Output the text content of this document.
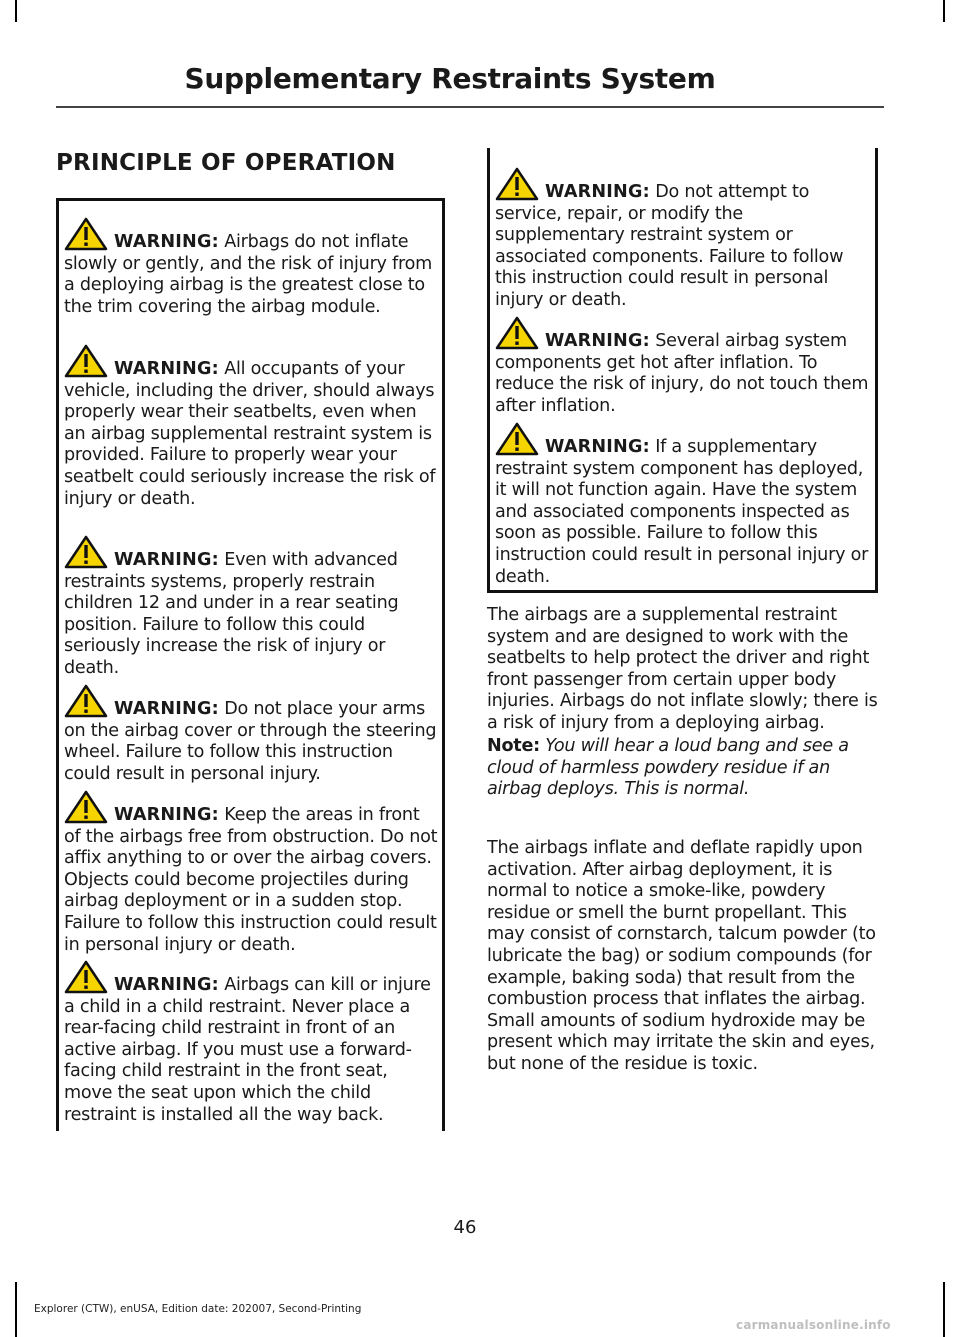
Supplementary Restraints System
PRINCIPLE OF OPERATION
WARNING: Airbags do not inflate slowly or gently, and the risk of injury from a deploying airbag is the greatest close to the trim covering the airbag module.
WARNING: All occupants of your vehicle, including the driver, should always properly wear their seatbelts, even when an airbag supplemental restraint system is provided. Failure to properly wear your seatbelt could seriously increase the risk of injury or death.
WARNING: Even with advanced restraints systems, properly restrain children 12 and under in a rear seating position. Failure to follow this could seriously increase the risk of injury or death.
WARNING: Do not place your arms on the airbag cover or through the steering wheel. Failure to follow this instruction could result in personal injury.
WARNING: Keep the areas in front of the airbags free from obstruction. Do not affix anything to or over the airbag covers. Objects could become projectiles during airbag deployment or in a sudden stop. Failure to follow this instruction could result in personal injury or death.
WARNING: Airbags can kill or injure a child in a child restraint. Never place a rear-facing child restraint in front of an active airbag. If you must use a forward-facing child restraint in the front seat, move the seat upon which the child restraint is installed all the way back.
WARNING: Do not attempt to service, repair, or modify the supplementary restraint system or associated components. Failure to follow this instruction could result in personal injury or death.
WARNING: Several airbag system components get hot after inflation. To reduce the risk of injury, do not touch them after inflation.
WARNING: If a supplementary restraint system component has deployed, it will not function again. Have the system and associated components inspected as soon as possible. Failure to follow this instruction could result in personal injury or death.
The airbags are a supplemental restraint system and are designed to work with the seatbelts to help protect the driver and right front passenger from certain upper body injuries. Airbags do not inflate slowly; there is a risk of injury from a deploying airbag.
Note: You will hear a loud bang and see a cloud of harmless powdery residue if an airbag deploys. This is normal.
The airbags inflate and deflate rapidly upon activation. After airbag deployment, it is normal to notice a smoke-like, powdery residue or smell the burnt propellant. This may consist of cornstarch, talcum powder (to lubricate the bag) or sodium compounds (for example, baking soda) that result from the combustion process that inflates the airbag. Small amounts of sodium hydroxide may be present which may irritate the skin and eyes, but none of the residue is toxic.
46
Explorer (CTW), enUSA, Edition date: 202007, Second-Printing
carmanualsonline.info
